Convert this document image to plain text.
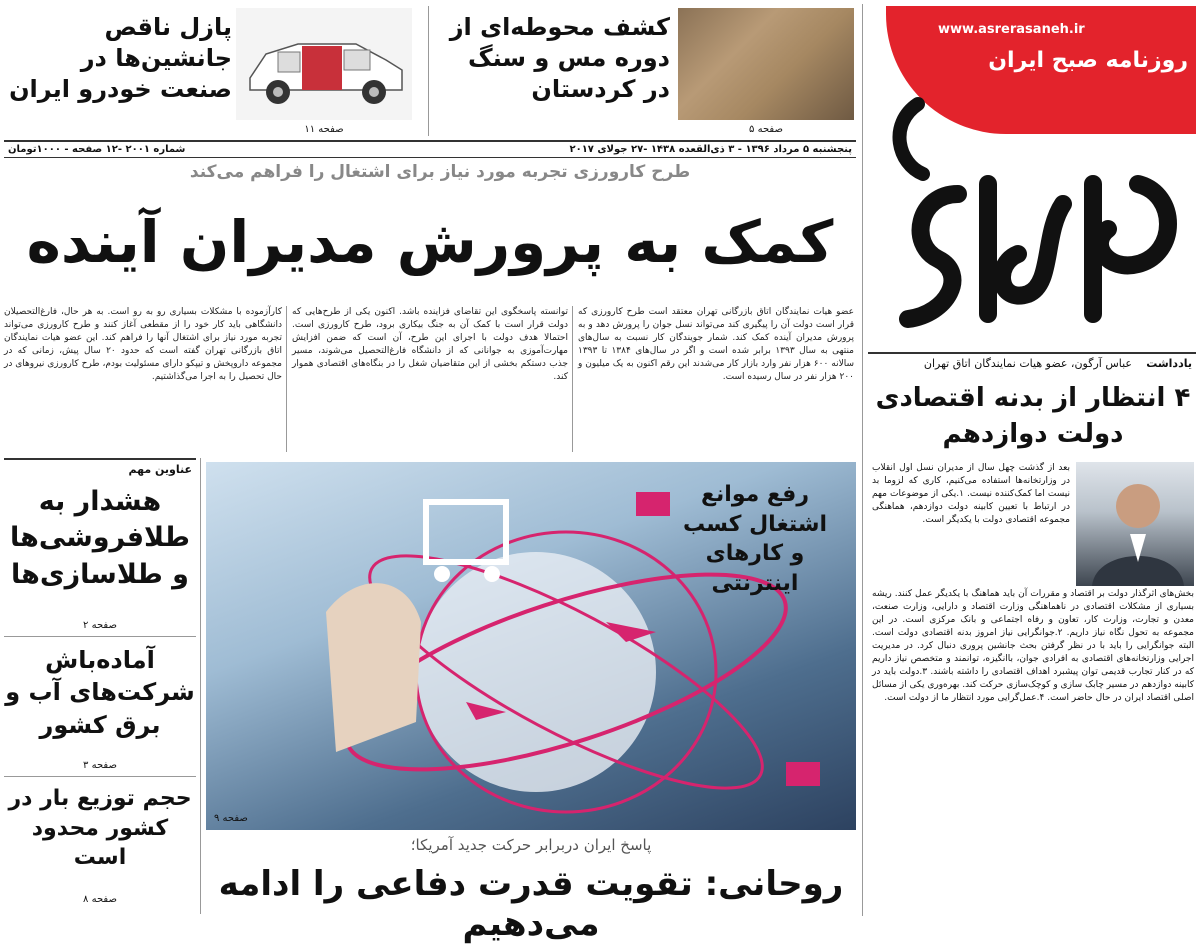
www.asrerasaneh.ir
روزنامه صبح ایران
کشف محوطه‌ای از دوره مس و سنگ در کردستان
صفحه ۵
پازل ناقص جانشین‌ها در صنعت خودرو ایران
صفحه ۱۱
پنجشنبه ۵ مرداد ۱۳۹۶ - ۳ ذی‌القعده ۱۴۳۸ -۲۷ جولای ۲۰۱۷
شماره ۲۰۰۱ -۱۲ صفحه - ۱۰۰۰تومان
طرح کارورزی تجربه مورد نیاز برای اشتغال را فراهم می‌کند
کمک به پرورش مدیران آینده
عضو هیات نمایندگان اتاق بازرگانی تهران معتقد است طرح کارورزی که قرار است دولت آن را پیگیری کند می‌تواند نسل جوان را پرورش دهد و به پرورش مدیران آینده کمک کند. شمار جویندگان کار نسبت به سال‌های منتهی به سال ۱۳۹۳ برابر شده است و اگر در سال‌های ۱۳۸۴ تا ۱۳۹۳ سالانه ۶۰۰ هزار نفر وارد بازار کار می‌شدند این رقم اکنون به یک میلیون و ۲۰۰ هزار نفر در سال رسیده است.
توانسته پاسخگوی این تقاضای فزاینده باشد. اکنون یکی از طرح‌هایی که دولت قرار است با کمک آن به جنگ بیکاری برود، طرح کارورزی است. احتمالا هدف دولت با اجرای این طرح، آن است که ضمن افزایش مهارت‌آموزی به جوانانی که از دانشگاه فارغ‌التحصیل می‌شوند، مسیر جذب دستکم بخشی از این متقاضیان شغل را در بنگاه‌های اقتصادی هموار کند.
کارآزموده با مشکلات بسیاری رو به رو است. به هر حال، فارغ‌التحصیلان دانشگاهی باید کار خود را از مقطعی آغاز کنند و طرح کارورزی می‌تواند تجربه مورد نیاز برای اشتغال آنها را فراهم کند. این عضو هیات نمایندگان اتاق بازرگانی تهران گفته است که حدود ۲۰ سال پیش، زمانی که در مجموعه داروپخش و تیپکو دارای مسئولیت بودم، طرح کارورزی نیروهای در حال تحصیل را به اجرا می‌گذاشتیم.
رفع موانع اشتغال کسب و کارهای اینترنتی
صفحه ۹
پاسخ ایران دربرابر حرکت جدید آمریکا؛
روحانی: تقویت قدرت دفاعی را ادامه می‌دهیم
عناوین مهم
هشدار به طلافروشی‌ها و طلاسازی‌ها
صفحه ۲
آماده‌باش شرکت‌های آب و برق کشور
صفحه ۳
حجم توزیع بار در کشور محدود است
صفحه ۸
یادداشت
عباس آرگون، عضو هیات نمایندگان اتاق تهران
۴ انتظار از بدنه اقتصادی دولت دوازدهم
بعد از گذشت چهل سال از مدیران نسل اول انقلاب در وزارتخانه‌ها استفاده می‌کنیم، کاری که لزوما بد نیست اما کمک‌کننده نیست. ۱.یکی از موضوعات مهم در ارتباط با تعیین کابینه دولت دوازدهم، هماهنگی مجموعه اقتصادی دولت با یکدیگر است.
بخش‌های اثرگذار دولت بر اقتصاد و مقررات آن باید هماهنگ با یکدیگر عمل کنند. ریشه بسیاری از مشکلات اقتصادی در ناهماهنگی وزارت اقتصاد و دارایی، وزارت صنعت، معدن و تجارت، وزارت کار، تعاون و رفاه اجتماعی و بانک مرکزی است. در این مجموعه به تحول نگاه نیاز داریم. ۲.جوانگرایی نیاز امروز بدنه اقتصادی دولت است. البته جوانگرایی را باید با در نظر گرفتن بحث جانشین پروری دنبال کرد. در مدیریت اجرایی وزارتخانه‌های اقتصادی به افرادی جوان، باانگیزه، توانمند و متخصص نیاز داریم که در کنار تجارب قدیمی توان پیشبرد اهداف اقتصادی را داشته باشند. ۳.دولت باید در کابینه دوازدهم در مسیر چابک سازی و کوچک‌سازی حرکت کند. بهره‌وری یکی از مسائل اصلی اقتصاد ایران در حال حاضر است. ۴.عمل‌گرایی مورد انتظار ما از دولت است.
